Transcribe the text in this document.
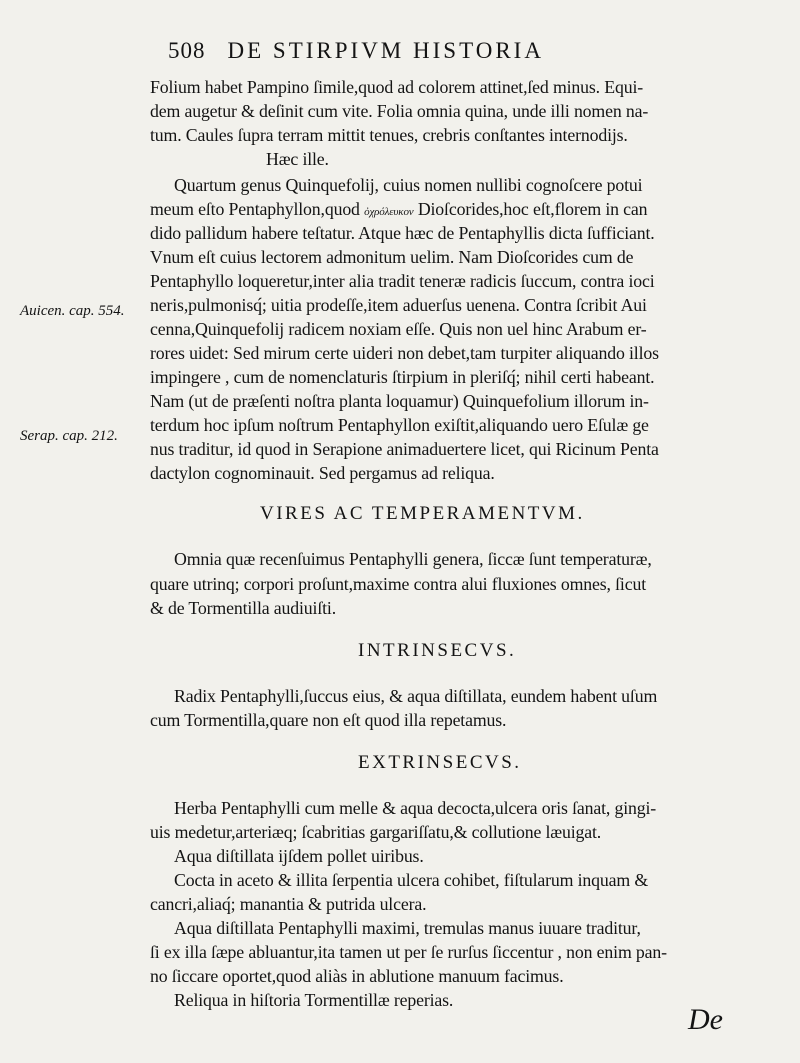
508 DE STIRPIVM HISTORIA
Folium habet Pampino ſimile,quod ad colorem attinet,ſed minus. Equi-
dem augetur & deſinit cum vite. Folia omnia quina, unde illi nomen na-
tum. Caules ſupra terram mittit tenues, crebris conſtantes internodijs.
Hæc ille.
Quartum genus Quinquefolij, cuius nomen nullibi cognoſcere potui
meum eſto Pentaphyllon,quod ὀχρόλευκον Dioſcorides,hoc eſt,florem in can
dido pallidum habere teſtatur. Atque hæc de Pentaphyllis dicta ſufficiant.
Vnum eſt cuius lectorem admonitum uelim. Nam Dioſcorides cum de
Pentaphyllo loqueretur,inter alia tradit teneræ radicis ſuccum, contra ioci
neris,pulmonisq́; uitia prodeſſe,item aduerſus uenena. Contra ſcribit Aui
cenna,Quinquefolij radicem noxiam eſſe. Quis non uel hinc Arabum er-
rores uidet: Sed mirum certe uideri non debet,tam turpiter aliquando illos
impingere , cum de nomenclaturis ſtirpium in pleriſq́; nihil certi habeant.
Nam (ut de præſenti noſtra planta loquamur) Quinquefolium illorum in-
terdum hoc ipſum noſtrum Pentaphyllon exiſtit,aliquando uero Eſulæ ge
nus traditur, id quod in Serapione animaduertere licet, qui Ricinum Penta
dactylon cognominauit. Sed pergamus ad reliqua.
VIRES AC TEMPERAMENTVM.
Omnia quæ recenſuimus Pentaphylli genera, ſiccæ ſunt temperaturæ,
quare utrinq; corpori proſunt,maxime contra alui fluxiones omnes, ſicut
& de Tormentilla audiuiſti.
INTRINSECVS.
Radix Pentaphylli,ſuccus eius, & aqua diſtillata, eundem habent uſum
cum Tormentilla,quare non eſt quod illa repetamus.
EXTRINSECVS.
Herba Pentaphylli cum melle & aqua decocta,ulcera oris ſanat, gingi-
uis medetur,arteriæq; ſcabritias gargariſſatu,& collutione læuigat.
Aqua diſtillata ijſdem pollet uiribus.
Cocta in aceto & illita ſerpentia ulcera cohibet, fiſtularum inquam &
cancri,aliaq́; manantia & putrida ulcera.
Aqua diſtillata Pentaphylli maximi, tremulas manus iuuare traditur,
ſi ex illa ſæpe abluantur,ita tamen ut per ſe rurſus ſiccentur , non enim pan-
no ſiccare oportet,quod aliàs in ablutione manuum facimus.
Reliqua in hiſtoria Tormentillæ reperias.
Auicen. cap. 554.
Serap. cap. 212.
De
